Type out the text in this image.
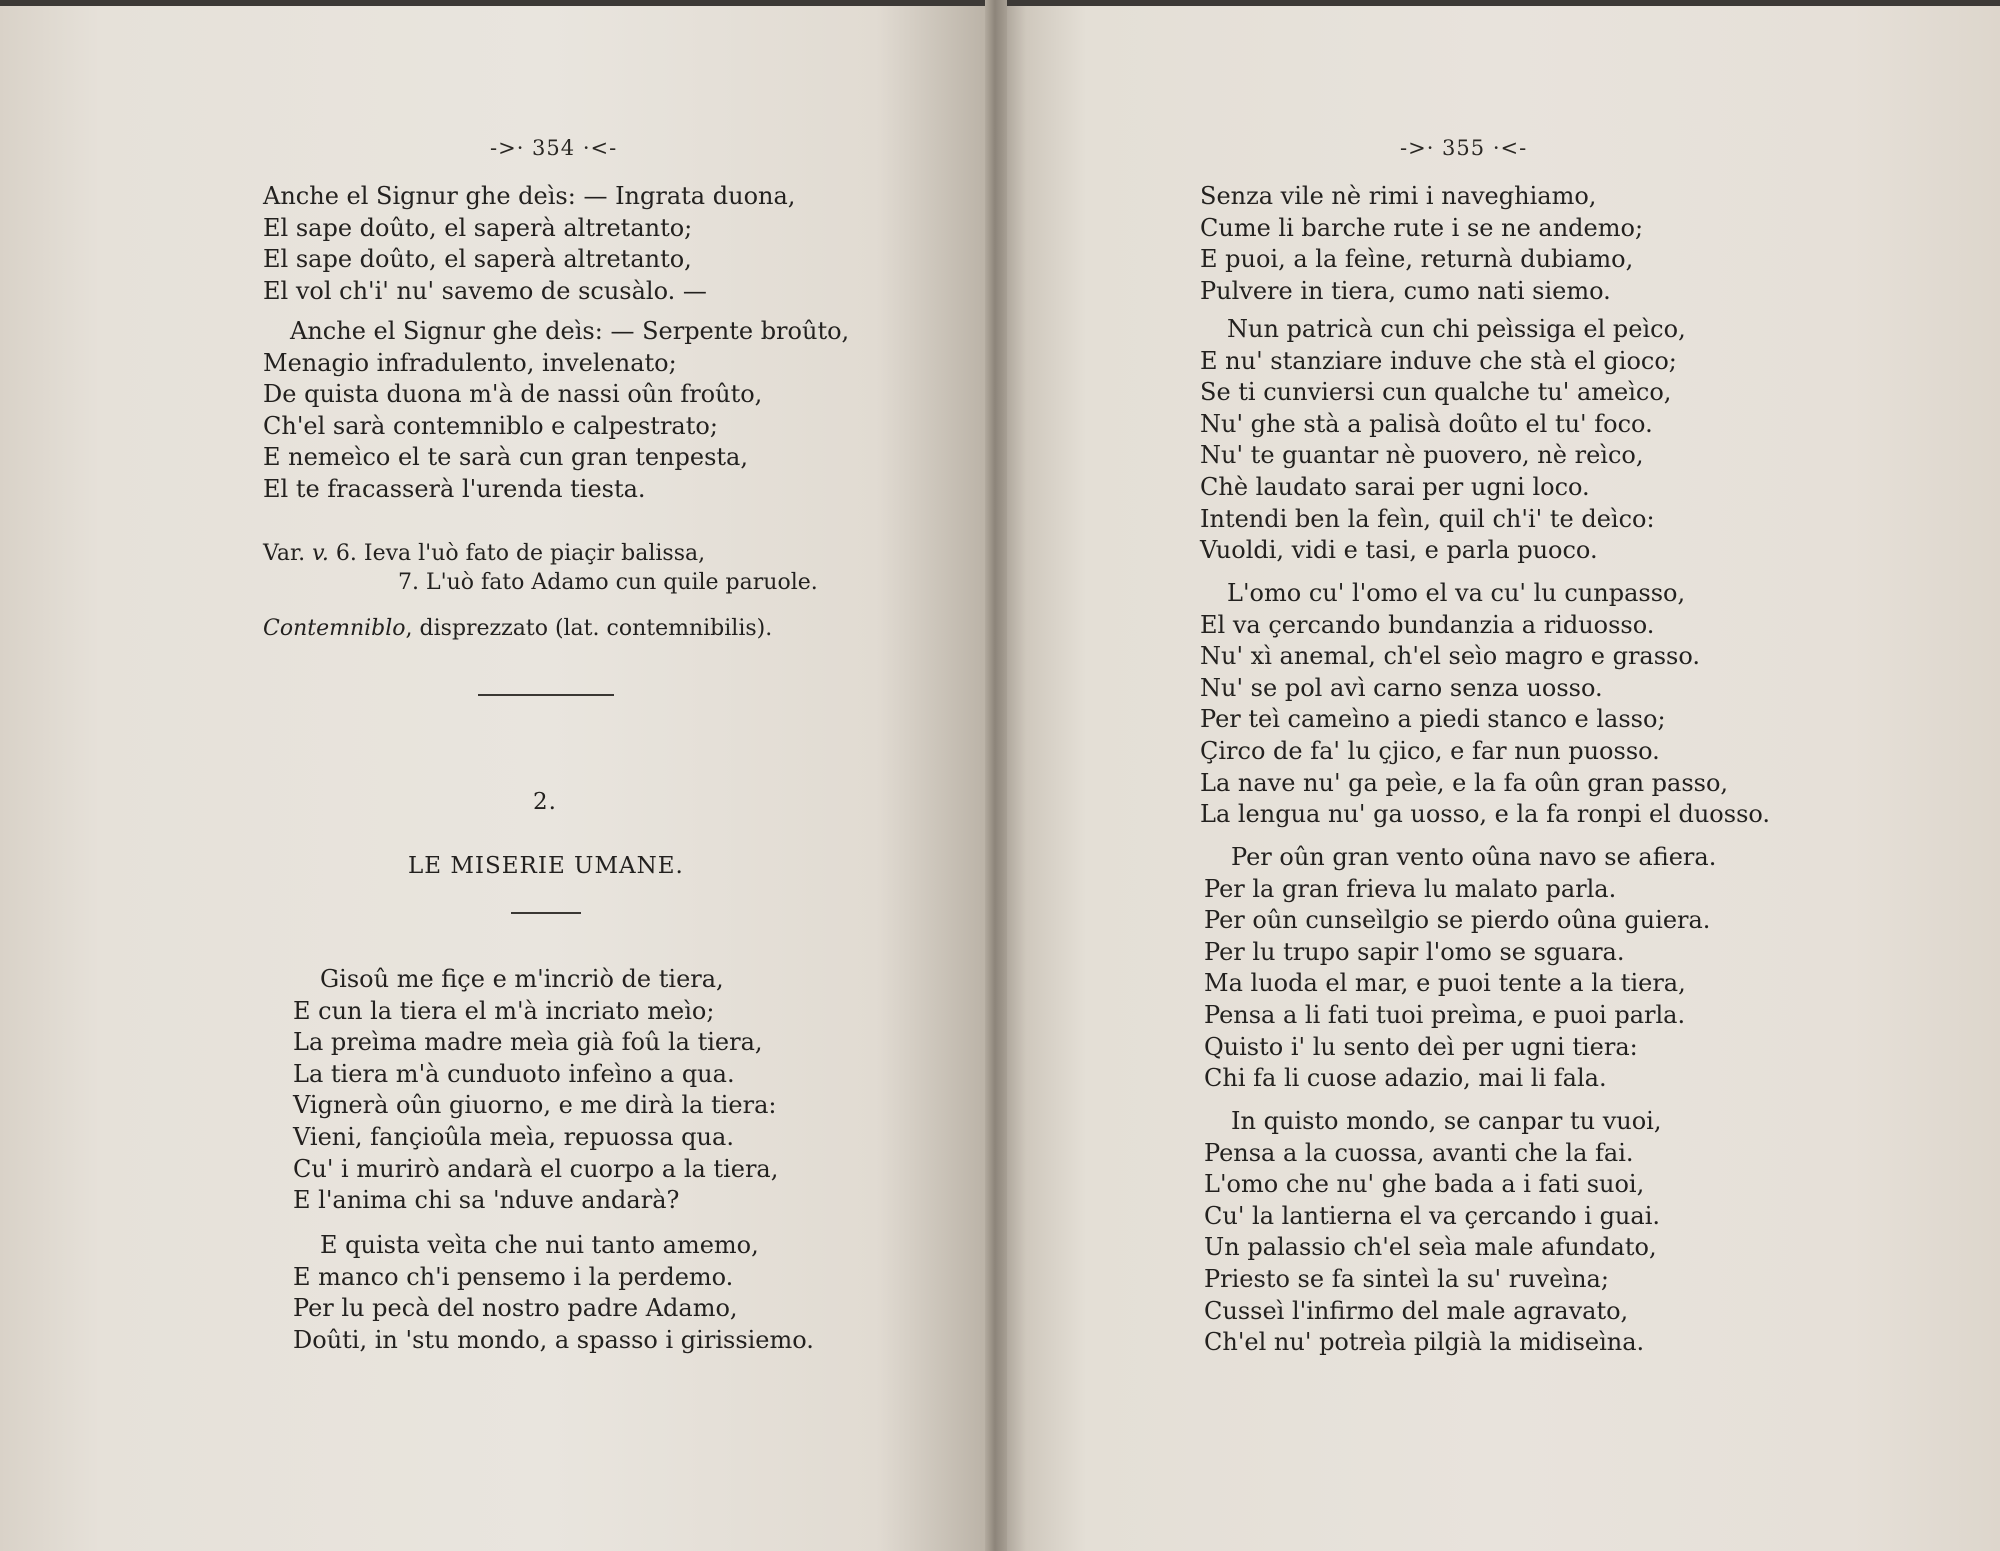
->· 354 ·<-
Anche el Signur ghe deìs: — Ingrata duona,
El sape doûto, el saperà altretanto;
El sape doûto, el saperà altretanto,
El vol ch'i' nu' savemo de scusàlo. —
Anche el Signur ghe deìs: — Serpente broûto,
Menagio infradulento, invelenato;
De quista duona m'à de nassi oûn froûto,
Ch'el sarà contemniblo e calpestrato;
E nemeìco el te sarà cun gran tenpesta,
El te fracasserà l'urenda tiesta.
Var. v. 6. Ieva l'uò fato de piaçir balissa,
7. L'uò fato Adamo cun quile paruole.
Contemniblo, disprezzato (lat. contemnibilis).
2.
LE MISERIE UMANE.
Gisoû me fiçe e m'incriò de tiera,
E cun la tiera el m'à incriato meìo;
La preìma madre meìa già foû la tiera,
La tiera m'à cunduoto infeìno a qua.
Vignerà oûn giuorno, e me dirà la tiera:
Vieni, fançioûla meìa, repuossa qua.
Cu' i murirò andarà el cuorpo a la tiera,
E l'anima chi sa 'nduve andarà?
E quista veìta che nui tanto amemo,
E manco ch'i pensemo i la perdemo.
Per lu pecà del nostro padre Adamo,
Doûti, in 'stu mondo, a spasso i girissiemo.
->· 355 ·<-
Senza vile nè rimi i naveghiamo,
Cume li barche rute i se ne andemo;
E puoi, a la feìne, returnà dubiamo,
Pulvere in tiera, cumo nati siemo.
Nun patricà cun chi peìssiga el peìco,
E nu' stanziare induve che stà el gioco;
Se ti cunviersi cun qualche tu' ameìco,
Nu' ghe stà a palisà doûto el tu' foco.
Nu' te guantar nè puovero, nè reìco,
Chè laudato sarai per ugni loco.
Intendi ben la feìn, quil ch'i' te deìco:
Vuoldi, vidi e tasi, e parla puoco.
L'omo cu' l'omo el va cu' lu cunpasso,
El va çercando bundanzia a riduosso.
Nu' xì anemal, ch'el seìo magro e grasso.
Nu' se pol avì carno senza uosso.
Per teì cameìno a piedi stanco e lasso;
Çirco de fa' lu çjico, e far nun puosso.
La nave nu' ga peìe, e la fa oûn gran passo,
La lengua nu' ga uosso, e la fa ronpi el duosso.
Per oûn gran vento oûna navo se afiera.
Per la gran frieva lu malato parla.
Per oûn cunseìlgio se pierdo oûna guiera.
Per lu trupo sapir l'omo se sguara.
Ma luoda el mar, e puoi tente a la tiera,
Pensa a li fati tuoi preìma, e puoi parla.
Quisto i' lu sento deì per ugni tiera:
Chi fa li cuose adazio, mai li fala.
In quisto mondo, se canpar tu vuoi,
Pensa a la cuossa, avanti che la fai.
L'omo che nu' ghe bada a i fati suoi,
Cu' la lantierna el va çercando i guai.
Un palassio ch'el seìa male afundato,
Priesto se fa sinteì la su' ruveìna;
Cusseì l'infirmo del male agravato,
Ch'el nu' potreìa pilgià la midiseìna.
